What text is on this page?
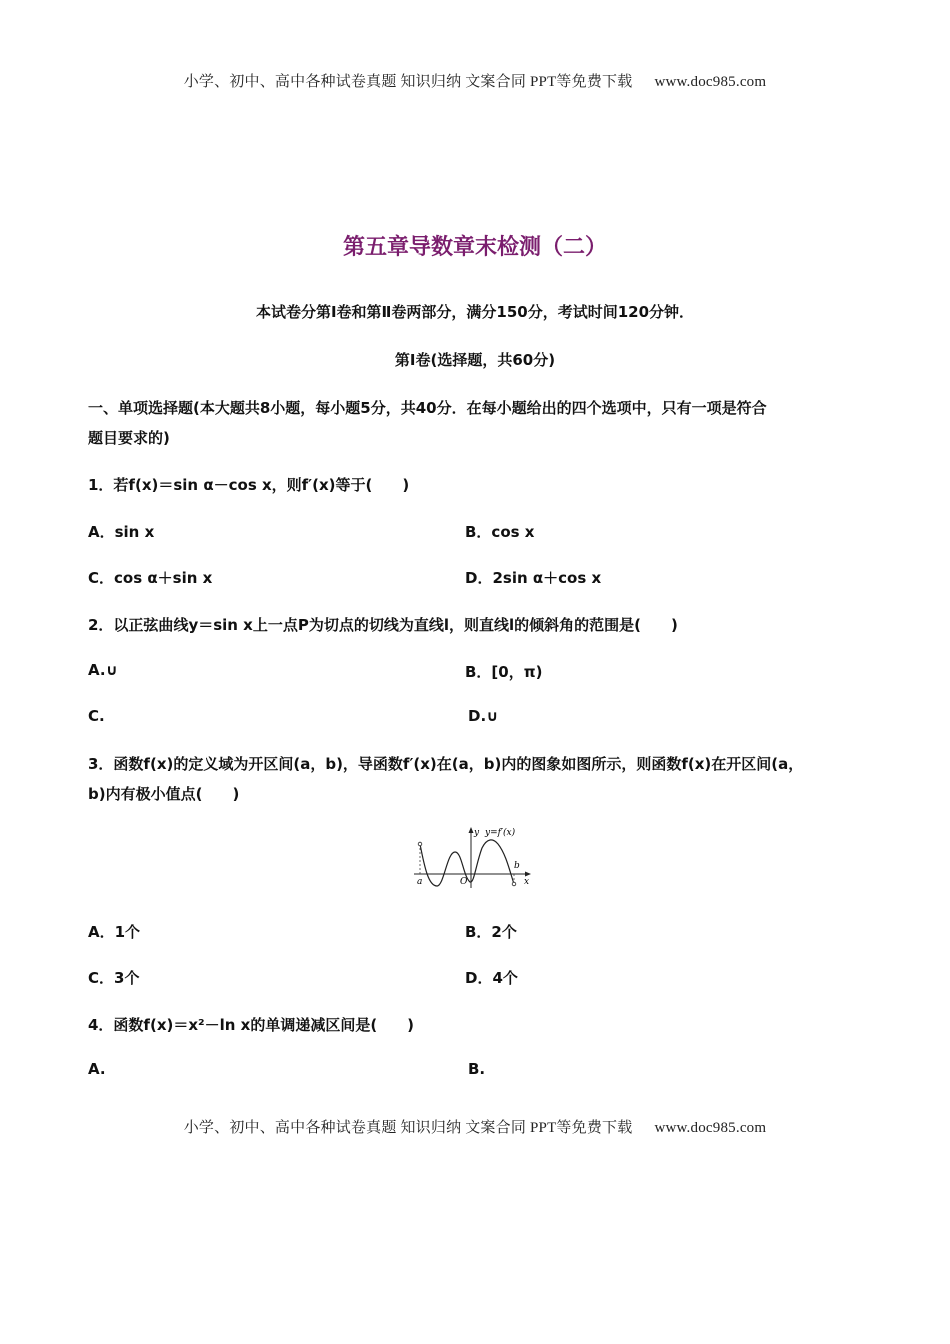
小学、初中、高中各种试卷真题 知识归纳 文案合同 PPT等免费下载 www.doc985.com
第五章导数章末检测（二）
本试卷分第Ⅰ卷和第Ⅱ卷两部分，满分150分，考试时间120分钟．
第Ⅰ卷(选择题，共60分)
一、单项选择题(本大题共8小题，每小题5分，共40分．在每小题给出的四个选项中，只有一项是符合
题目要求的)
1．若f(x)＝sin α－cos x，则f′(x)等于(　　)
A．sin x	B．cos x
C．cos α＋sin x	D．2sin α＋cos x
2．以正弦曲线y＝sin x上一点P为切点的切线为直线l，则直线l的倾斜角的范围是(　　)
A.∪	B．[0，π)
C.	D.∪
3．函数f(x)的定义域为开区间(a，b)，导函数f′(x)在(a，b)内的图象如图所示，则函数f(x)在开区间(a，
b)内有极小值点(　　)
y y=f′(x)
a	O
b
x
A．1个	B．2个
C．3个	D．4个
4．函数f(x)＝x²－ln x的单调递减区间是(　　)
A.	B.
小学、初中、高中各种试卷真题 知识归纳 文案合同 PPT等免费下载 www.doc985.com
